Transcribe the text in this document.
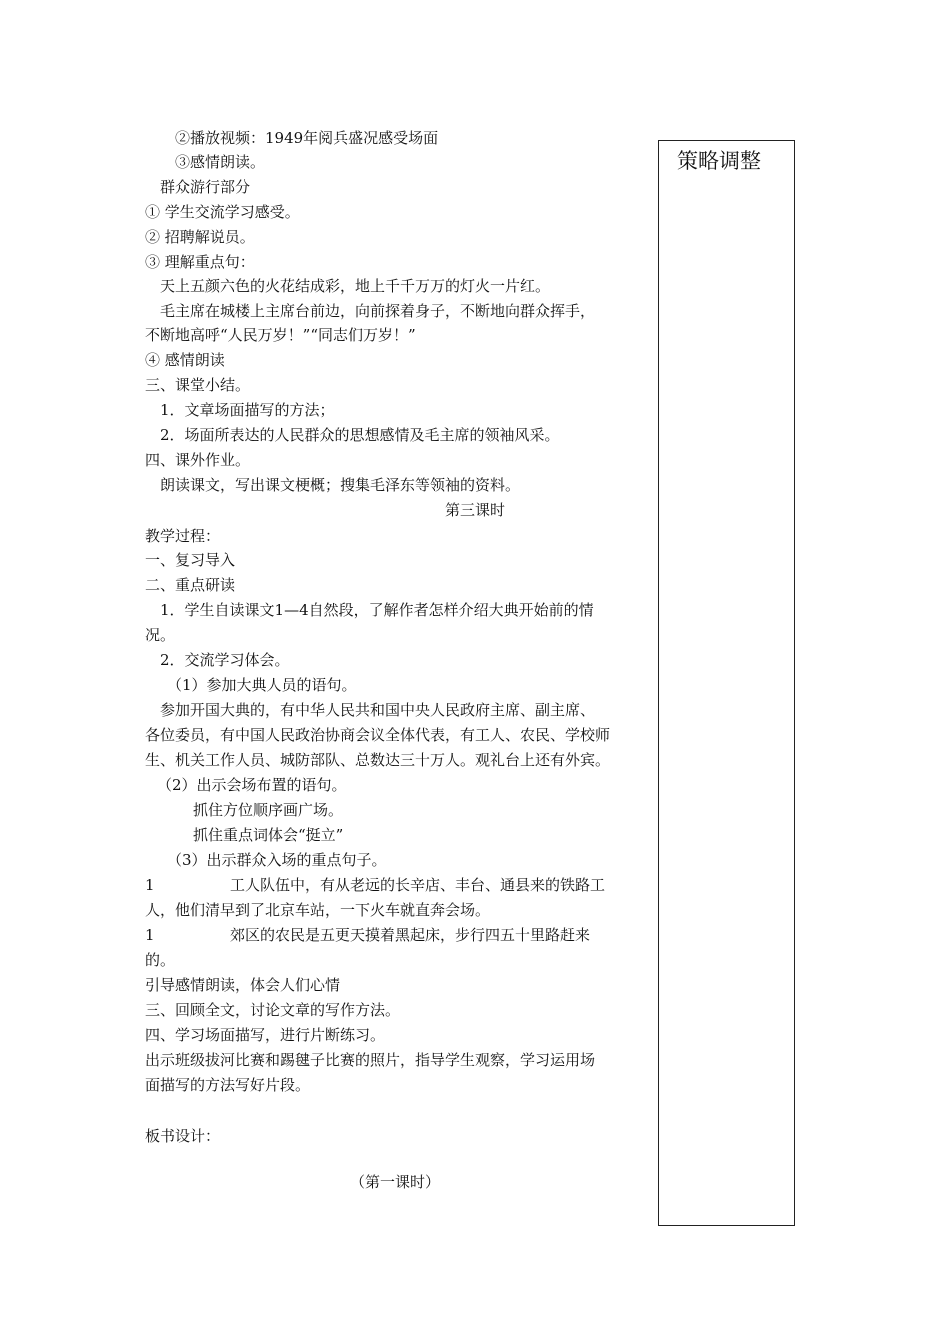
②播放视频：1949年阅兵盛况感受场面
③感情朗读。
群众游行部分
① 学生交流学习感受。
② 招聘解说员。
③ 理解重点句：
天上五颜六色的火花结成彩，地上千千万万的灯火一片红。
毛主席在城楼上主席台前边，向前探着身子，不断地向群众挥手，
不断地高呼“人民万岁！”“同志们万岁！”
④ 感情朗读
三、课堂小结。
1．文章场面描写的方法；
2．场面所表达的人民群众的思想感情及毛主席的领袖风采。
四、课外作业。
朗读课文，写出课文梗概；搜集毛泽东等领袖的资料。
第三课时
教学过程：
一、复习导入
二、重点研读
1．学生自读课文1—4自然段，了解作者怎样介绍大典开始前的情
况。
2．交流学习体会。
（1）参加大典人员的语句。
参加开国大典的，有中华人民共和国中央人民政府主席、副主席、
各位委员，有中国人民政治协商会议全体代表，有工人、农民、学校师
生、机关工作人员、城防部队、总数达三十万人。观礼台上还有外宾。
（2）出示会场布置的语句。
抓住方位顺序画广场。
抓住重点词体会“挺立”
（3）出示群众入场的重点句子。
1	工人队伍中，有从老远的长辛店、丰台、通县来的铁路工
人，他们清早到了北京车站，一下火车就直奔会场。
1	郊区的农民是五更天摸着黑起床，步行四五十里路赶来
的。
引导感情朗读，体会人们心情
三、回顾全文，讨论文章的写作方法。
四、学习场面描写，进行片断练习。
出示班级拔河比赛和踢毽子比赛的照片，指导学生观察，学习运用场
面描写的方法写好片段。
板书设计：
（第一课时）
策略调整
